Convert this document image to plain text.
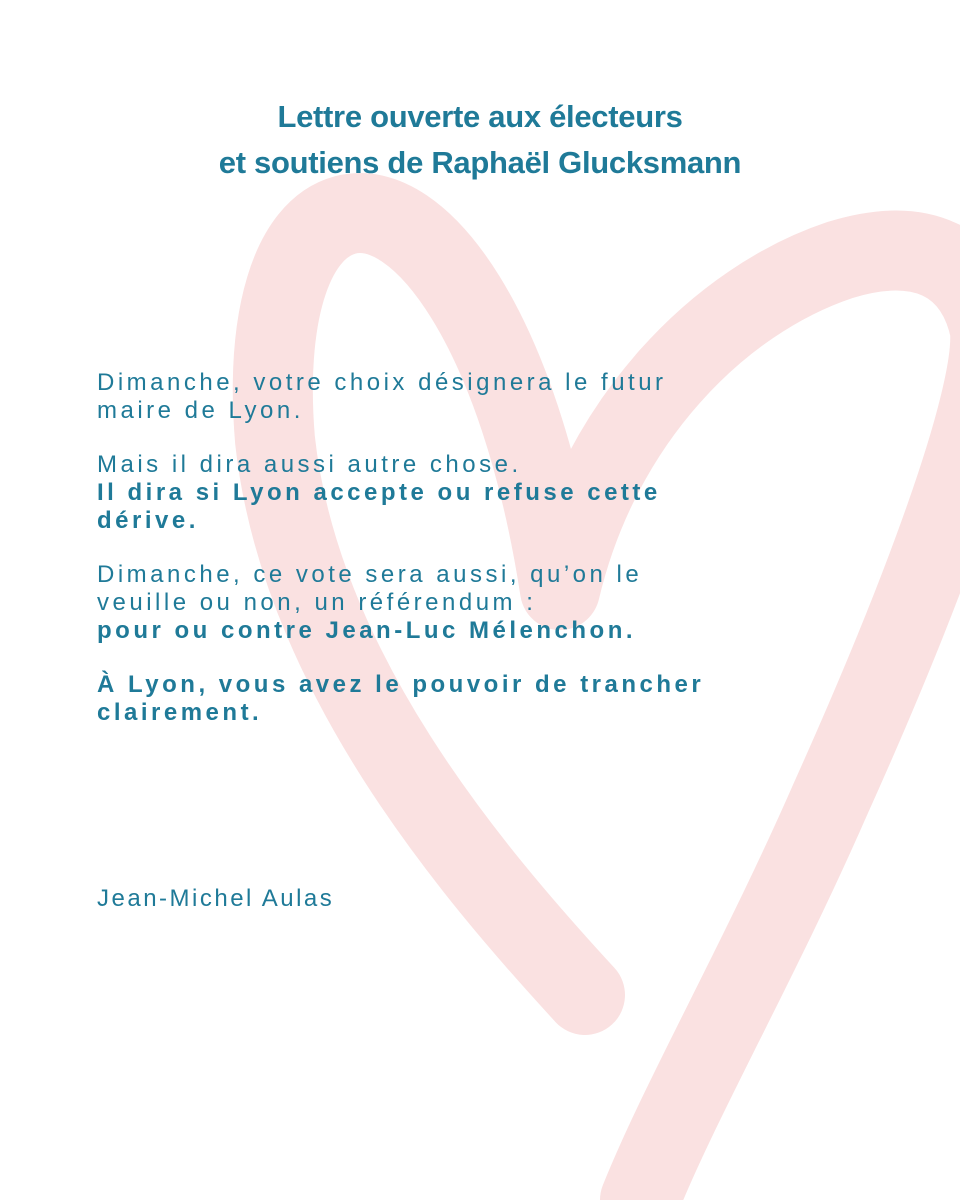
Lettre ouverte aux électeurs
et soutiens de Raphaël Glucksmann

Dimanche, votre choix désignera le futur
maire de Lyon.

Mais il dira aussi autre chose.
Il dira si Lyon accepte ou refuse cette
dérive.

Dimanche, ce vote sera aussi, qu’on le
veuille ou non, un référendum :
pour ou contre Jean-Luc Mélenchon.

À Lyon, vous avez le pouvoir de trancher
clairement.

Jean-Michel Aulas
